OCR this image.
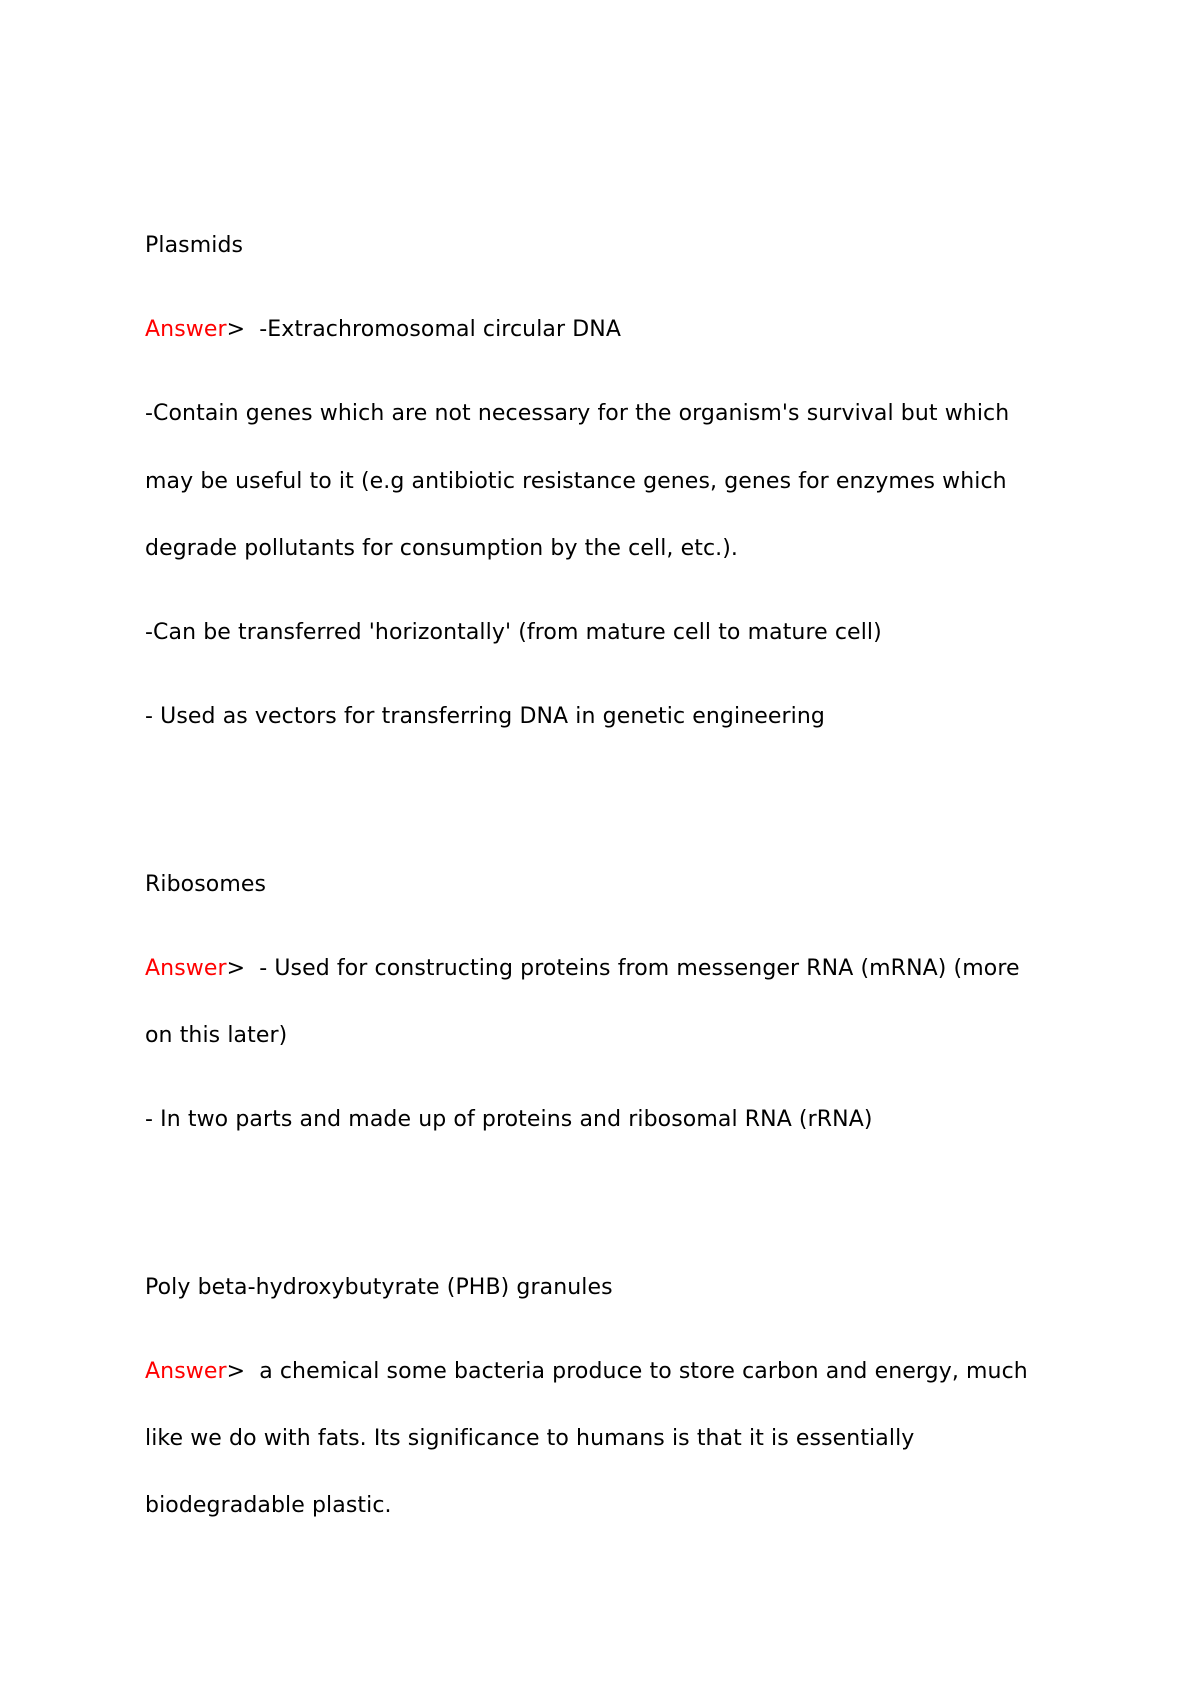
Plasmids
Answer> -Extrachromosomal circular DNA
-Contain genes which are not necessary for the organism's survival but which
may be useful to it (e.g antibiotic resistance genes, genes for enzymes which
degrade pollutants for consumption by the cell, etc.).
-Can be transferred 'horizontally' (from mature cell to mature cell)
- Used as vectors for transferring DNA in genetic engineering
Ribosomes
Answer> - Used for constructing proteins from messenger RNA (mRNA) (more
on this later)
- In two parts and made up of proteins and ribosomal RNA (rRNA)
Poly beta-hydroxybutyrate (PHB) granules
Answer> a chemical some bacteria produce to store carbon and energy, much
like we do with fats. Its significance to humans is that it is essentially
biodegradable plastic.
